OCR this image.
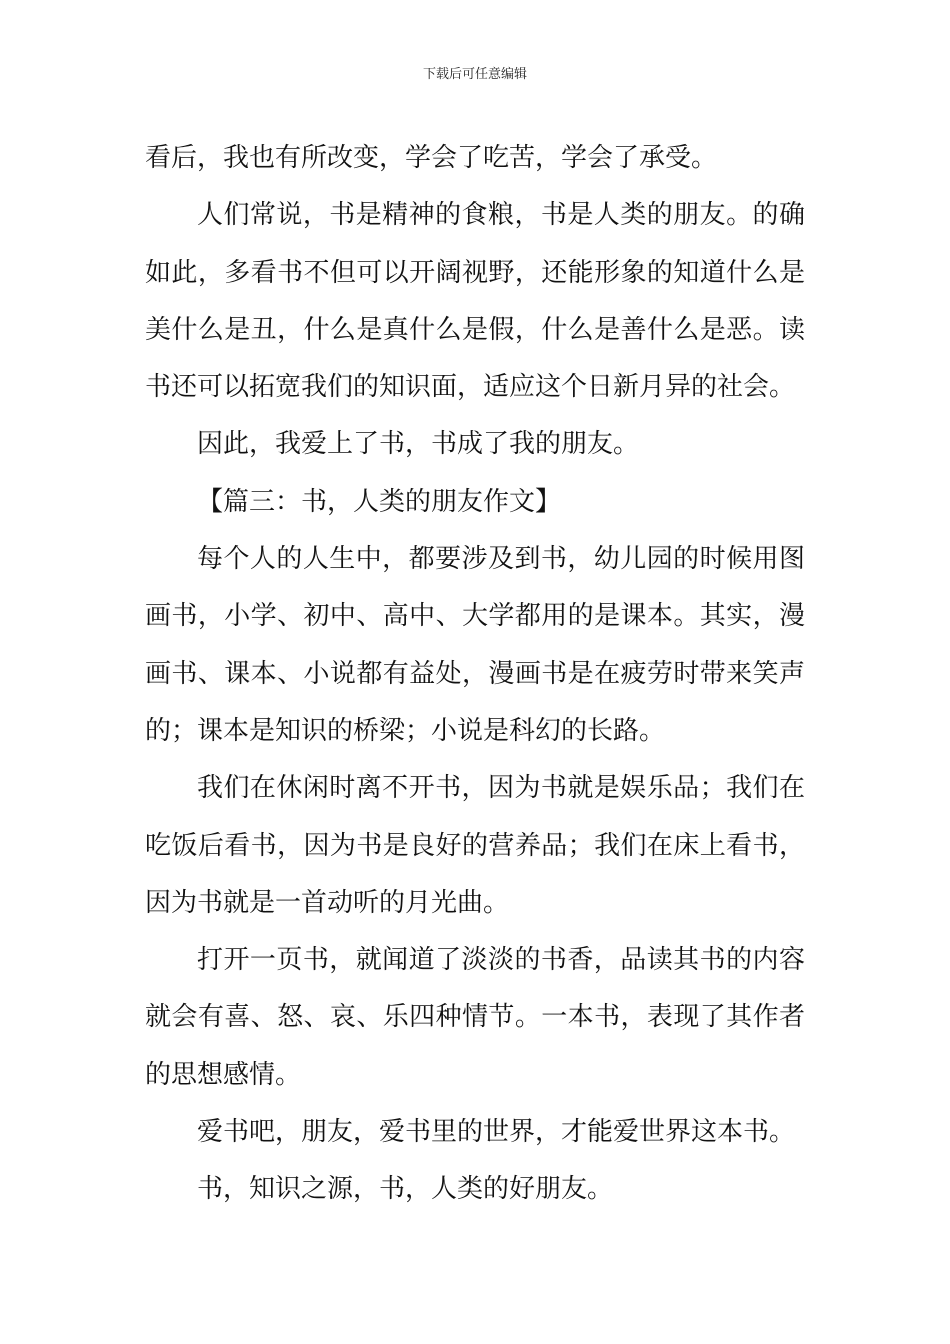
下载后可任意编辑

看后，我也有所改变，学会了吃苦，学会了承受。

人们常说，书是精神的食粮，书是人类的朋友。的确如此，多看书不但可以开阔视野，还能形象的知道什么是美什么是丑，什么是真什么是假，什么是善什么是恶。读书还可以拓宽我们的知识面，适应这个日新月异的社会。

因此，我爱上了书，书成了我的朋友。

【篇三：书，人类的朋友作文】

每个人的人生中，都要涉及到书，幼儿园的时候用图画书，小学、初中、高中、大学都用的是课本。其实，漫画书、课本、小说都有益处，漫画书是在疲劳时带来笑声的；课本是知识的桥梁；小说是科幻的长路。

我们在休闲时离不开书，因为书就是娱乐品；我们在吃饭后看书，因为书是良好的营养品；我们在床上看书，因为书就是一首动听的月光曲。

打开一页书，就闻道了淡淡的书香，品读其书的内容就会有喜、怒、哀、乐四种情节。一本书，表现了其作者的思想感情。

爱书吧，朋友，爱书里的世界，才能爱世界这本书。

书，知识之源，书，人类的好朋友。
